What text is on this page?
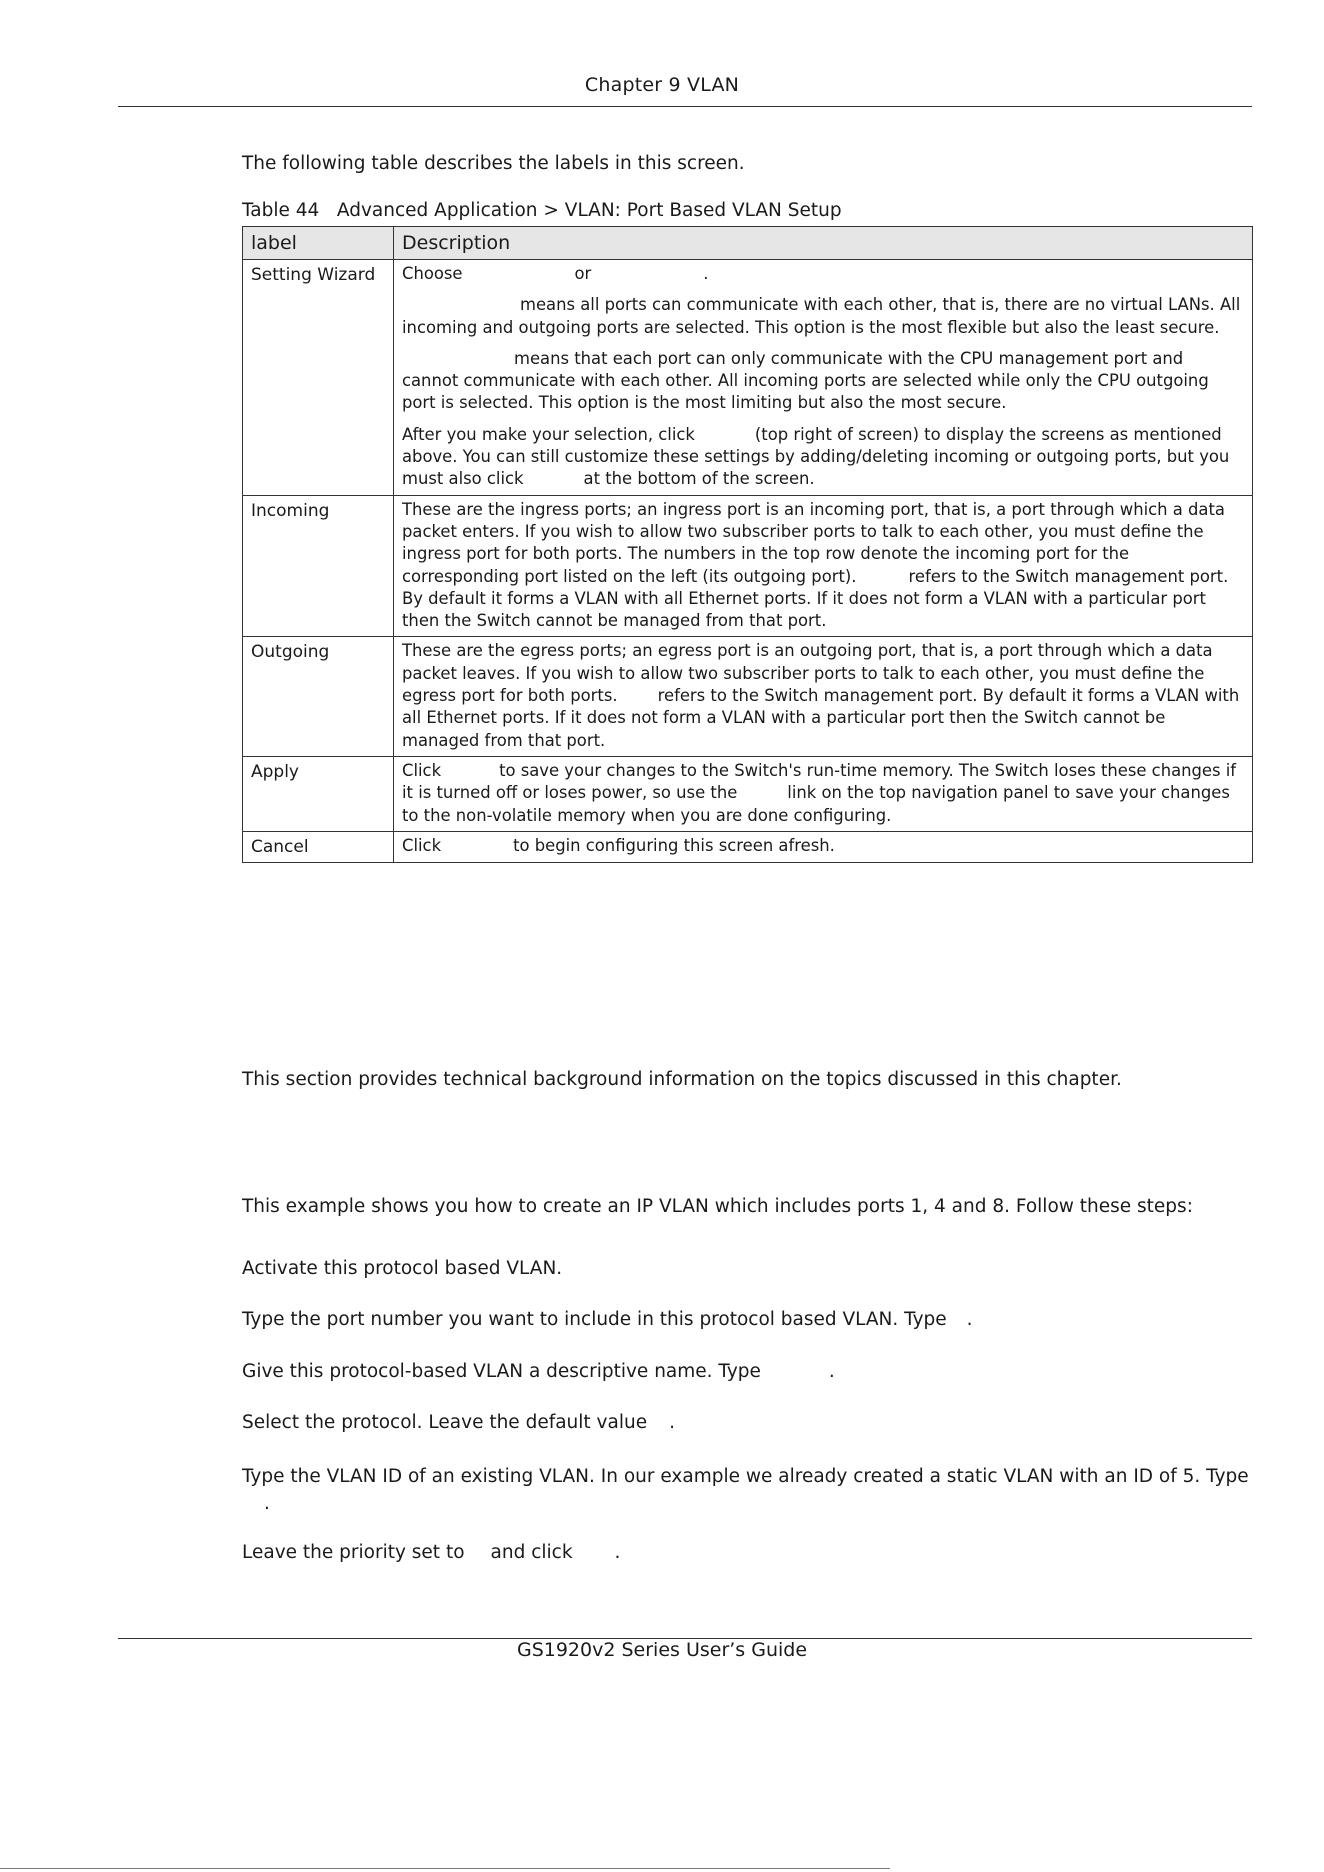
Chapter 9 VLAN
The following table describes the labels in this screen.
Table 44   Advanced Application > VLAN: Port Based VLAN Setup
label	Description
Setting Wizard	Choose or .

means all ports can communicate with each other, that is, there are no virtual LANs. All incoming and outgoing ports are selected. This option is the most flexible but also the least secure.

means that each port can only communicate with the CPU management port and cannot communicate with each other. All incoming ports are selected while only the CPU outgoing port is selected. This option is the most limiting but also the most secure.

After you make your selection, click (top right of screen) to display the screens as mentioned above. You can still customize these settings by adding/deleting incoming or outgoing ports, but you must also click at the bottom of the screen.

Incoming	These are the ingress ports; an ingress port is an incoming port, that is, a port through which a data packet enters. If you wish to allow two subscriber ports to talk to each other, you must define the ingress port for both ports. The numbers in the top row denote the incoming port for the corresponding port listed on the left (its outgoing port). refers to the Switch management port. By default it forms a VLAN with all Ethernet ports. If it does not form a VLAN with a particular port then the Switch cannot be managed from that port.

Outgoing	These are the egress ports; an egress port is an outgoing port, that is, a port through which a data packet leaves. If you wish to allow two subscriber ports to talk to each other, you must define the egress port for both ports. refers to the Switch management port. By default it forms a VLAN with all Ethernet ports. If it does not form a VLAN with a particular port then the Switch cannot be managed from that port.

Apply	Click to save your changes to the Switch's run-time memory. The Switch loses these changes if it is turned off or loses power, so use the link on the top navigation panel to save your changes to the non-volatile memory when you are done configuring.

Cancel	Click to begin configuring this screen afresh.

This section provides technical background information on the topics discussed in this chapter.
This example shows you how to create an IP VLAN which includes ports 1, 4 and 8. Follow these steps:
Activate this protocol based VLAN.
Type the port number you want to include in this protocol based VLAN. Type .
Give this protocol-based VLAN a descriptive name. Type	.
Select the protocol. Leave the default value .
Type the VLAN ID of an existing VLAN. In our example we already created a static VLAN with an ID of 5. Type.
Leave the priority set to and click .
GS1920v2 Series User’s Guide
